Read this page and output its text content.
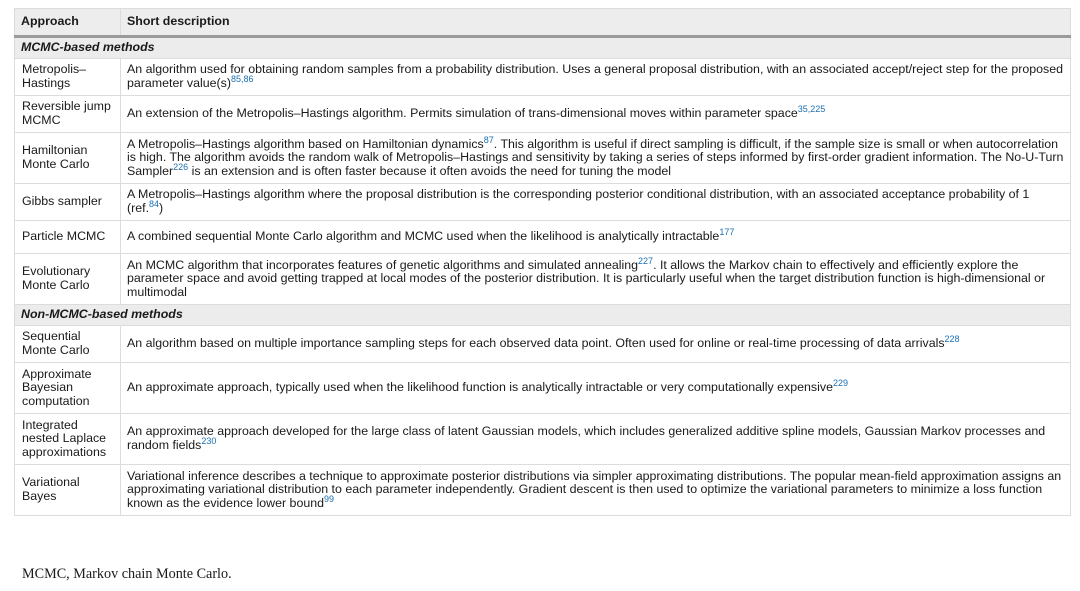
Approach	Short description
MCMC-based methods	
Metropolis–Hastings	An algorithm used for obtaining random samples from a probability distribution. Uses a general proposal distribution, with an associated accept/reject step for the proposed parameter $value(s)^{85,86}$
Reversible jump MCMC	An extension of the Metropolis–Hastings algorithm. Permits simulation of trans-dimensional moves within parameter space$^{35,225}$
Hamiltonian Monte Carlo	A Metropolis–Hastings algorithm based on Hamiltonian dynamics$^{87}$. This algorithm is useful if direct sampling is difficult, if the sample size is small or when autocorrelation is high. The algorithm avoids the random walk of Metropolis–Hastings and sensitivity by taking a series of steps informed by first-order gradient information. The No-U-Turn Sampler$^{226}$ is an extension and is often faster because it often avoids the need for tuning the model
Gibbs sampler	A Metropolis–Hastings algorithm where the proposal distribution is the corresponding posterior conditional distribution, with an associated acceptance probability of 1 (ref.$^{84}$)
Particle MCMC	A combined sequential Monte Carlo algorithm and MCMC used when the likelihood is analytically intractable$^{177}$
Evolutionary Monte Carlo	An MCMC algorithm that incorporates features of genetic algorithms and simulated annealing$^{227}$. It allows the Markov chain to effectively and efficiently explore the parameter space and avoid getting trapped at local modes of the posterior distribution. It is particularly useful when the target distribution function is high-dimensional or multimodal
Non-MCMC-based methods	
Sequential Monte Carlo	An algorithm based on multiple importance sampling steps for each observed data point. Often used for online or real-time processing of data arrivals$^{228}$
Approximate Bayesian computation	An approximate approach, typically used when the likelihood function is analytically intractable or very computationally expensive$^{229}$
Integrated nested Laplace approximations	An approximate approach developed for the large class of latent Gaussian models, which includes generalized additive spline models, Gaussian Markov processes and random fields$^{230}$
Variational Bayes	Variational inference describes a technique to approximate posterior distributions via simpler approximating distributions. The popular mean-field approximation assigns an approximating variational distribution to each parameter independently. Gradient descent is then used to optimize the variational parameters to minimize a loss function known as the evidence lower bound$^{99}$
MCMC, Markov chain Monte Carlo.
